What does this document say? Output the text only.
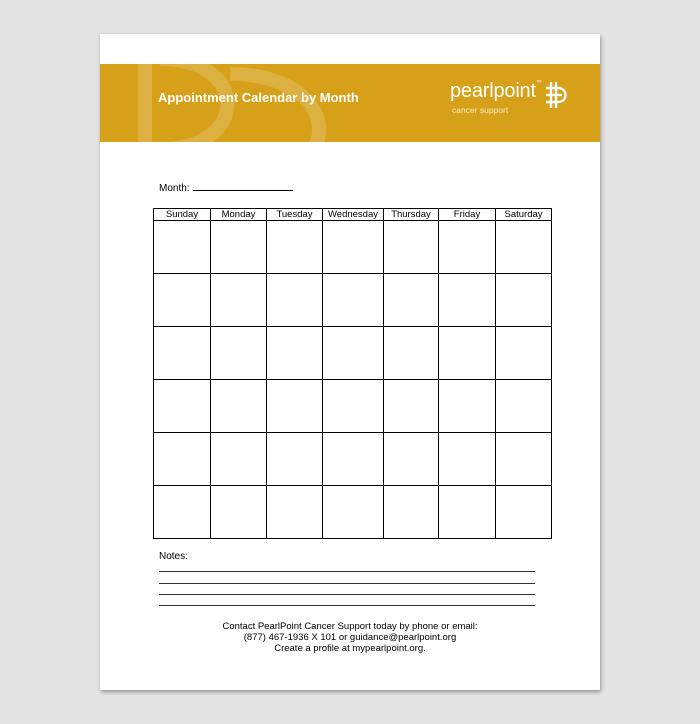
Appointment Calendar by Month	pearlpoint™
cancer support
Month:
Sunday	Monday	Tuesday	Wednesday	Thursday	Friday	Saturday

Notes:
Contact PearlPoint Cancer Support today by phone or email:
(877) 467-1936 X 101 or guidance@pearlpoint.org
Create a profile at mypearlpoint.org.
